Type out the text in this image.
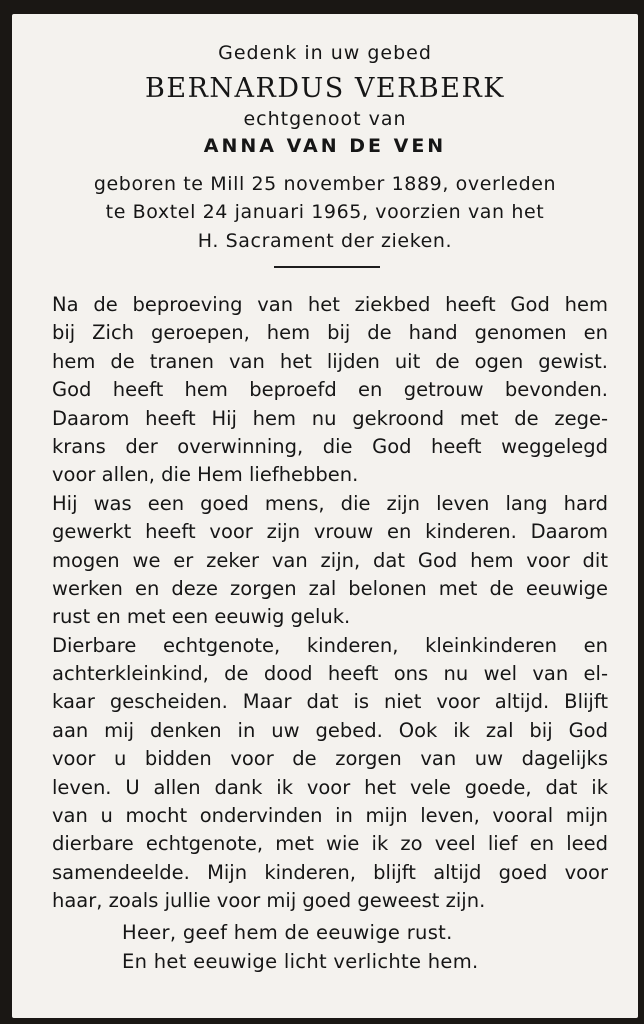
Gedenk in uw gebed
BERNARDUS VERBERK
echtgenoot van
ANNA VAN DE VEN
geboren te Mill 25 november 1889, overleden
te Boxtel 24 januari 1965, voorzien van het
H. Sacrament der zieken.
Na de beproeving van het ziekbed heeft God hem
bij Zich geroepen, hem bij de hand genomen en
hem de tranen van het lijden uit de ogen gewist.
God heeft hem beproefd en getrouw bevonden.
Daarom heeft Hij hem nu gekroond met de zege-
krans der overwinning, die God heeft weggelegd
voor allen, die Hem liefhebben.
Hij was een goed mens, die zijn leven lang hard
gewerkt heeft voor zijn vrouw en kinderen. Daarom
mogen we er zeker van zijn, dat God hem voor dit
werken en deze zorgen zal belonen met de eeuwige
rust en met een eeuwig geluk.
Dierbare echtgenote, kinderen, kleinkinderen en
achterkleinkind, de dood heeft ons nu wel van el-
kaar gescheiden. Maar dat is niet voor altijd. Blijft
aan mij denken in uw gebed. Ook ik zal bij God
voor u bidden voor de zorgen van uw dagelijks
leven. U allen dank ik voor het vele goede, dat ik
van u mocht ondervinden in mijn leven, vooral mijn
dierbare echtgenote, met wie ik zo veel lief en leed
samendeelde. Mijn kinderen, blijft altijd goed voor
haar, zoals jullie voor mij goed geweest zijn.
Heer, geef hem de eeuwige rust.
En het eeuwige licht verlichte hem.
